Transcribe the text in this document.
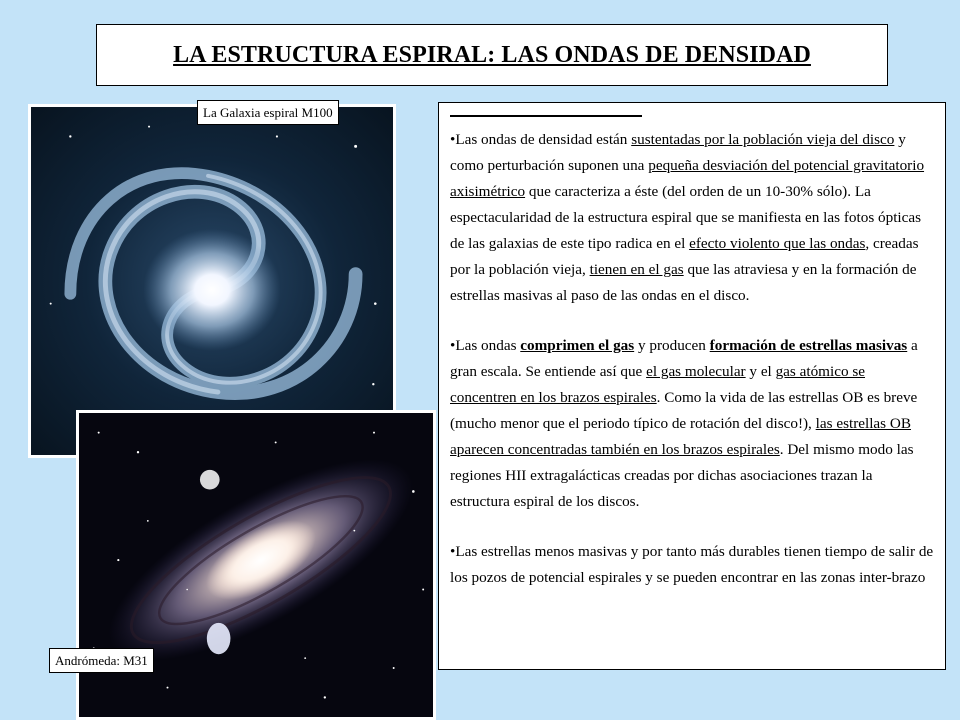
LA ESTRUCTURA ESPIRAL: LAS ONDAS DE DENSIDAD
La Galaxia espiral M100
Andrómeda: M31

•Las ondas de densidad están sustentadas por la población vieja del disco y como perturbación suponen una pequeña desviación del potencial gravitatorio axisimétrico que caracteriza a éste (del orden de un 10-30% sólo). La espectacularidad de la estructura espiral que se manifiesta en las fotos ópticas de las galaxias de este tipo radica en el efecto violento que las ondas, creadas por la población vieja, tienen en el gas que las atraviesa y en la formación de estrellas masivas al paso de las ondas en el disco.

•Las ondas comprimen el gas y producen formación de estrellas masivas a gran escala. Se entiende así que el gas molecular y el gas atómico se concentren en los brazos espirales. Como la vida de las estrellas OB es breve (mucho menor que el periodo típico de rotación del disco!), las estrellas OB aparecen concentradas también en los brazos espirales. Del mismo modo las regiones HII extragalácticas creadas por dichas asociaciones trazan la estructura espiral de los discos.

•Las estrellas menos masivas y por tanto más durables tienen tiempo de salir de los pozos de potencial espirales y se pueden encontrar en las zonas inter-brazo
